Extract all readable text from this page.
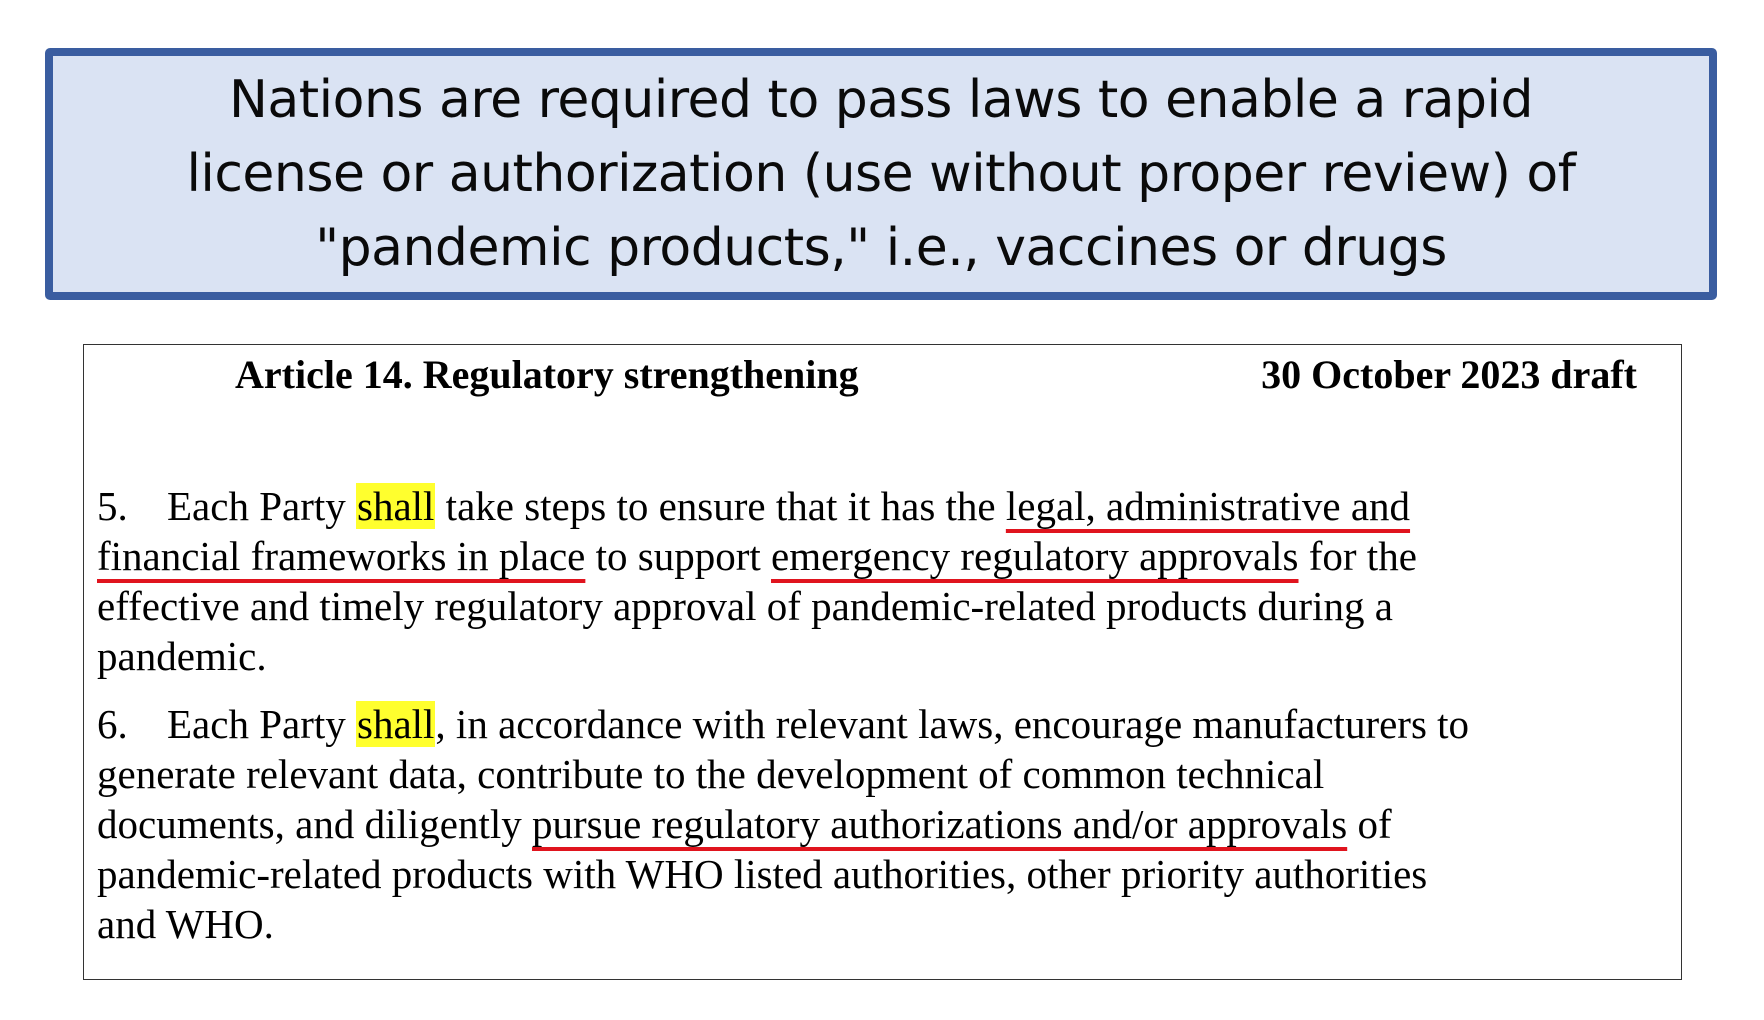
Nations are required to pass laws to enable a rapid
license or authorization (use without proper review) of
"pandemic products," i.e., vaccines or drugs

Article 14. Regulatory strengthening	30 October 2023 draft
5. Each Party shall take steps to ensure that it has the legal, administrative and
financial frameworks in place to support emergency regulatory approvals for the
effective and timely regulatory approval of pandemic-related products during a
pandemic.
6. Each Party shall, in accordance with relevant laws, encourage manufacturers to
generate relevant data, contribute to the development of common technical
documents, and diligently pursue regulatory authorizations and/or approvals of
pandemic-related products with WHO listed authorities, other priority authorities
and WHO.
